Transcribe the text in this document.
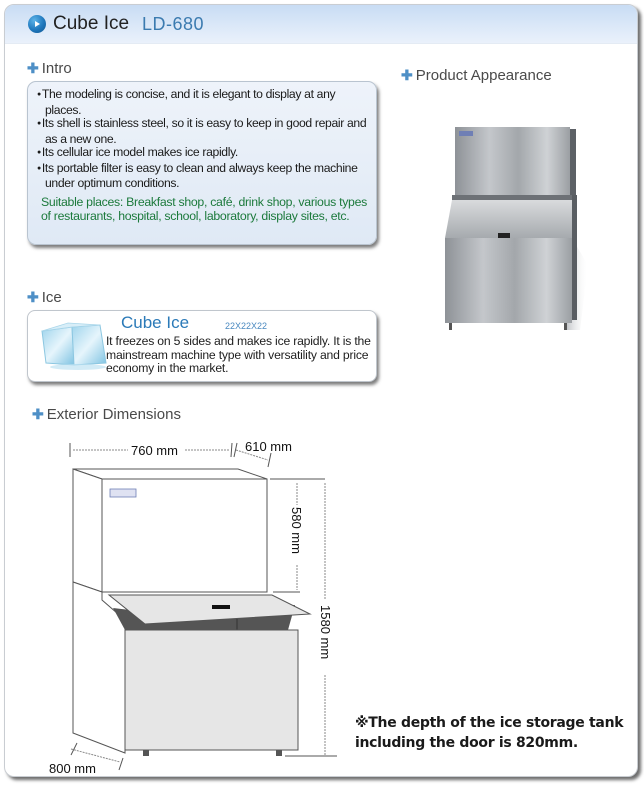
Cube Ice LD-680
✚ Intro
● The modeling is concise, and it is elegant to display at any places.
● Its shell is stainless steel, so it is easy to keep in good repair and as a new one.
● Its cellular ice model makes ice rapidly.
● Its portable filter is easy to clean and always keep the machine under optimum conditions.
Suitable places: Breakfast shop, café, drink shop, various types of restaurants, hospital, school, laboratory, display sites, etc.
✚ Product Appearance
✚ Ice
Cube Ice	22X22X22
It freezes on 5 sides and makes ice rapidly. It is the mainstream machine type with versatility and price economy in the market.
✚ Exterior Dimensions
760 mm	610 mm
580 mm
1580 mm
800 mm
※The depth of the ice storage tank including the door is 820mm.
